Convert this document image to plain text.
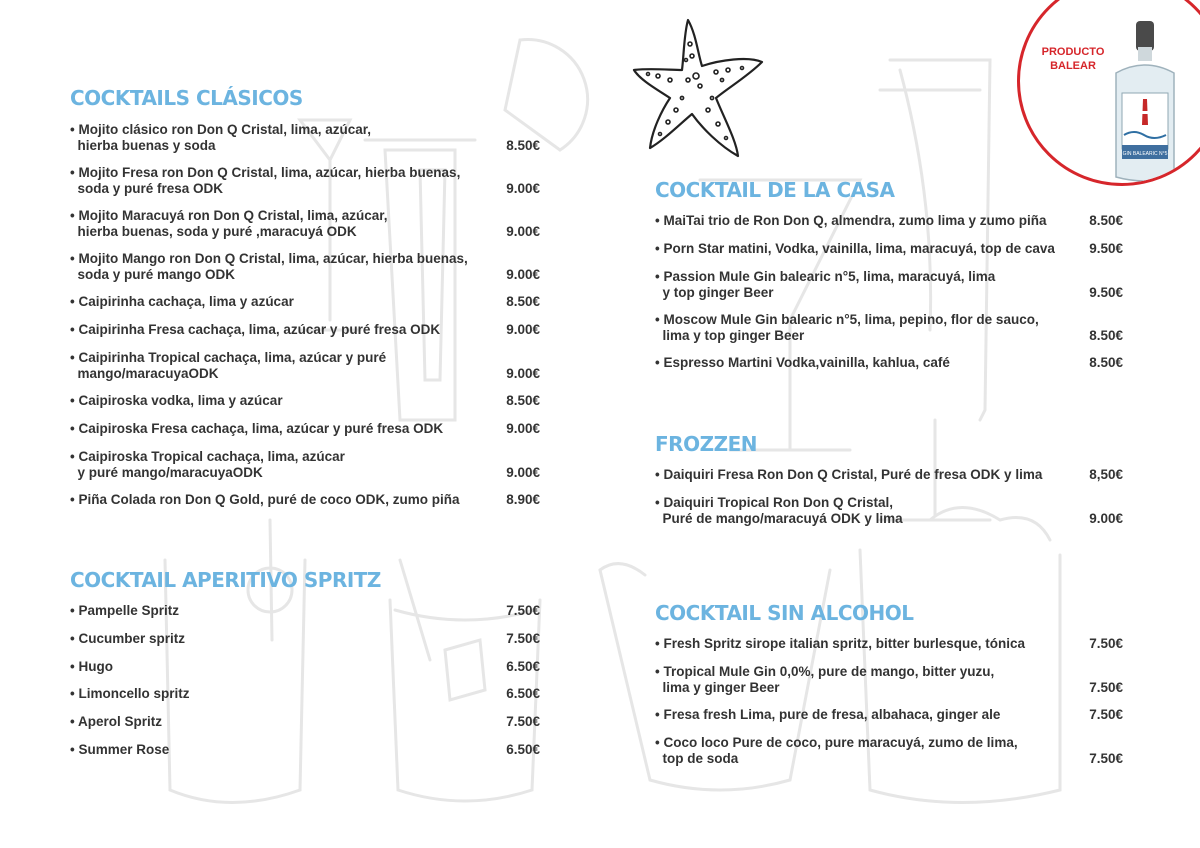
PRODUCTO
BALEAR
GIN BALEARIC N°5
COCKTAILS CLÁSICOS
• Mojito clásico ron Don Q Cristal, lima, azúcar,
hierba buenas y soda	8.50€
• Mojito Fresa ron Don Q Cristal, lima, azúcar, hierba buenas,
soda y puré fresa ODK	9.00€
• Mojito Maracuyá ron Don Q Cristal, lima, azúcar,
hierba buenas, soda y puré ,maracuyá ODK	9.00€
• Mojito Mango ron Don Q Cristal, lima, azúcar, hierba buenas,
soda y puré mango ODK	9.00€
• Caipirinha cachaça, lima y azúcar	8.50€
• Caipirinha Fresa cachaça, lima, azúcar y puré fresa ODK	9.00€
• Caipirinha Tropical cachaça, lima, azúcar y puré
mango/maracuyaODK	9.00€
• Caipiroska vodka, lima y azúcar	8.50€
• Caipiroska Fresa cachaça, lima, azúcar y puré fresa ODK	9.00€
• Caipiroska Tropical cachaça, lima, azúcar
y puré mango/maracuyaODK	9.00€
• Piña Colada ron Don Q Gold, puré de coco ODK, zumo piña	8.90€
COCKTAIL APERITIVO SPRITZ
• Pampelle Spritz	7.50€
• Cucumber spritz	7.50€
• Hugo	6.50€
• Limoncello spritz	6.50€
• Aperol Spritz	7.50€
• Summer Rose	6.50€
COCKTAIL DE LA CASA
• MaiTai trio de Ron Don Q, almendra, zumo lima y zumo piña	8.50€
• Porn Star matini, Vodka, vainilla, lima, maracuyá, top de cava	9.50€
• Passion Mule Gin balearic n°5, lima, maracuyá, lima
y top ginger Beer	9.50€
• Moscow Mule Gin balearic n°5, lima, pepino, flor de sauco,
lima y top ginger Beer	8.50€
• Espresso Martini Vodka,vainilla, kahlua, café	8.50€
FROZZEN
• Daiquiri Fresa Ron Don Q Cristal, Puré de fresa ODK y lima	8,50€
• Daiquiri Tropical Ron Don Q Cristal,
Puré de mango/maracuyá ODK y lima	9.00€
COCKTAIL SIN ALCOHOL
• Fresh Spritz sirope italian spritz, bitter burlesque, tónica	7.50€
• Tropical Mule Gin 0,0%, pure de mango, bitter yuzu,
lima y ginger Beer	7.50€
• Fresa fresh Lima, pure de fresa, albahaca, ginger ale	7.50€
• Coco loco Pure de coco, pure maracuyá, zumo de lima,
top de soda	7.50€
